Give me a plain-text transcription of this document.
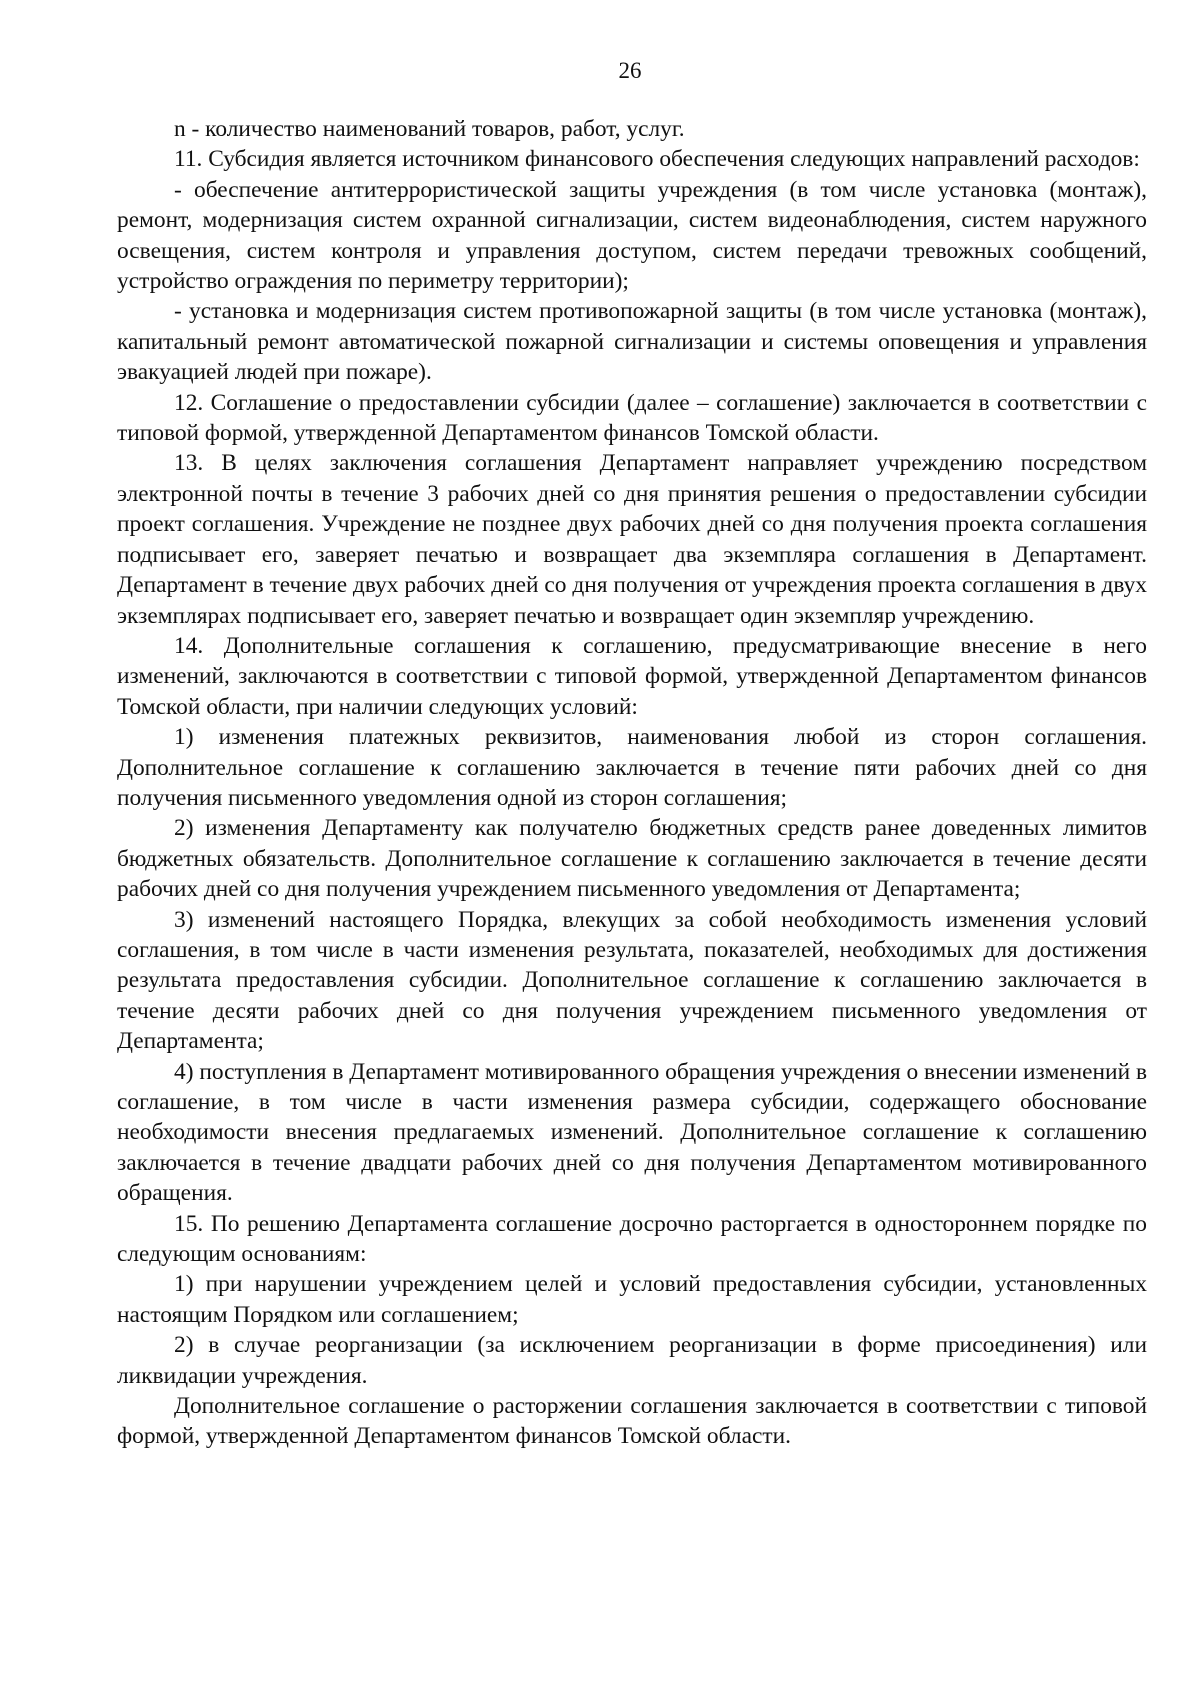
26

n - количество наименований товаров, работ, услуг.

11. Субсидия является источником финансового обеспечения следующих направлений расходов:

- обеспечение антитеррористической защиты учреждения (в том числе установка (монтаж), ремонт, модернизация систем охранной сигнализации, систем видеонаблюдения, систем наружного освещения, систем контроля и управления доступом, систем передачи тревожных сообщений, устройство ограждения по периметру территории);

- установка и модернизация систем противопожарной защиты (в том числе установка (монтаж), капитальный ремонт автоматической пожарной сигнализации и системы оповещения и управления эвакуацией людей при пожаре).

12. Соглашение о предоставлении субсидии (далее – соглашение) заключается в соответствии с типовой формой, утвержденной Департаментом финансов Томской области.

13. В целях заключения соглашения Департамент направляет учреждению посредством электронной почты в течение 3 рабочих дней со дня принятия решения о предоставлении субсидии проект соглашения. Учреждение не позднее двух рабочих дней со дня получения проекта соглашения подписывает его, заверяет печатью и возвращает два экземпляра соглашения в Департамент. Департамент в течение двух рабочих дней со дня получения от учреждения проекта соглашения в двух экземплярах подписывает его, заверяет печатью и возвращает один экземпляр учреждению.

14. Дополнительные соглашения к соглашению, предусматривающие внесение в него изменений, заключаются в соответствии с типовой формой, утвержденной Департаментом финансов Томской области, при наличии следующих условий:

1) изменения платежных реквизитов, наименования любой из сторон соглашения. Дополнительное соглашение к соглашению заключается в течение пяти рабочих дней со дня получения письменного уведомления одной из сторон соглашения;

2) изменения Департаменту как получателю бюджетных средств ранее доведенных лимитов бюджетных обязательств. Дополнительное соглашение к соглашению заключается в течение десяти рабочих дней со дня получения учреждением письменного уведомления от Департамента;

3) изменений настоящего Порядка, влекущих за собой необходимость изменения условий соглашения, в том числе в части изменения результата, показателей, необходимых для достижения результата предоставления субсидии. Дополнительное соглашение к соглашению заключается в течение десяти рабочих дней со дня получения учреждением письменного уведомления от Департамента;

4) поступления в Департамент мотивированного обращения учреждения о внесении изменений в соглашение, в том числе в части изменения размера субсидии, содержащего обоснование необходимости внесения предлагаемых изменений. Дополнительное соглашение к соглашению заключается в течение двадцати рабочих дней со дня получения Департаментом мотивированного обращения.

15. По решению Департамента соглашение досрочно расторгается в одностороннем порядке по следующим основаниям:

1) при нарушении учреждением целей и условий предоставления субсидии, установленных настоящим Порядком или соглашением;

2) в случае реорганизации (за исключением реорганизации в форме присоединения) или ликвидации учреждения.

Дополнительное соглашение о расторжении соглашения заключается в соответствии с типовой формой, утвержденной Департаментом финансов Томской области.
